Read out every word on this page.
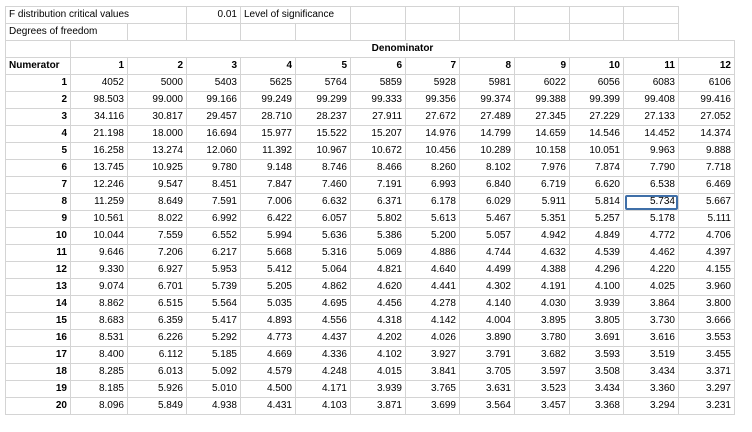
F distribution critical values			0.01	Level of significance								
Degrees of freedom												
	Denominator											
Numerator	1	2	3	4	5	6	7	8	9	10	11	12
1	4052	5000	5403	5625	5764	5859	5928	5981	6022	6056	6083	6106
2	98.503	99.000	99.166	99.249	99.299	99.333	99.356	99.374	99.388	99.399	99.408	99.416
3	34.116	30.817	29.457	28.710	28.237	27.911	27.672	27.489	27.345	27.229	27.133	27.052
4	21.198	18.000	16.694	15.977	15.522	15.207	14.976	14.799	14.659	14.546	14.452	14.374
5	16.258	13.274	12.060	11.392	10.967	10.672	10.456	10.289	10.158	10.051	9.963	9.888
6	13.745	10.925	9.780	9.148	8.746	8.466	8.260	8.102	7.976	7.874	7.790	7.718
7	12.246	9.547	8.451	7.847	7.460	7.191	6.993	6.840	6.719	6.620	6.538	6.469
8	11.259	8.649	7.591	7.006	6.632	6.371	6.178	6.029	5.911	5.814	5.734	5.667
9	10.561	8.022	6.992	6.422	6.057	5.802	5.613	5.467	5.351	5.257	5.178	5.111
10	10.044	7.559	6.552	5.994	5.636	5.386	5.200	5.057	4.942	4.849	4.772	4.706
11	9.646	7.206	6.217	5.668	5.316	5.069	4.886	4.744	4.632	4.539	4.462	4.397
12	9.330	6.927	5.953	5.412	5.064	4.821	4.640	4.499	4.388	4.296	4.220	4.155
13	9.074	6.701	5.739	5.205	4.862	4.620	4.441	4.302	4.191	4.100	4.025	3.960
14	8.862	6.515	5.564	5.035	4.695	4.456	4.278	4.140	4.030	3.939	3.864	3.800
15	8.683	6.359	5.417	4.893	4.556	4.318	4.142	4.004	3.895	3.805	3.730	3.666
16	8.531	6.226	5.292	4.773	4.437	4.202	4.026	3.890	3.780	3.691	3.616	3.553
17	8.400	6.112	5.185	4.669	4.336	4.102	3.927	3.791	3.682	3.593	3.519	3.455
18	8.285	6.013	5.092	4.579	4.248	4.015	3.841	3.705	3.597	3.508	3.434	3.371
19	8.185	5.926	5.010	4.500	4.171	3.939	3.765	3.631	3.523	3.434	3.360	3.297
20	8.096	5.849	4.938	4.431	4.103	3.871	3.699	3.564	3.457	3.368	3.294	3.231
